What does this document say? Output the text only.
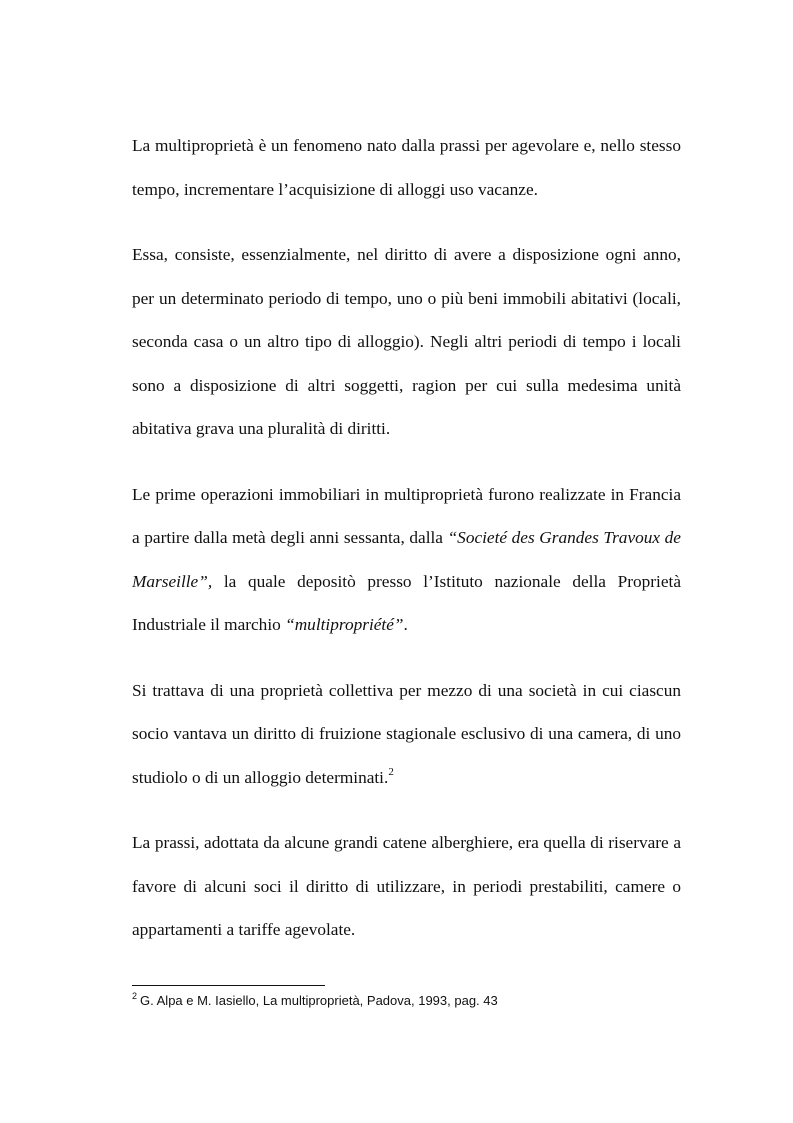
La multiproprietà è un fenomeno nato dalla prassi per agevolare e, nello stesso tempo, incrementare l’acquisizione di alloggi uso vacanze.

Essa, consiste, essenzialmente, nel diritto di avere a disposizione ogni anno, per un determinato periodo di tempo, uno o più beni immobili abitativi (locali, seconda casa o un altro tipo di alloggio). Negli altri periodi di tempo i locali sono a disposizione di altri soggetti, ragion per cui sulla medesima unità abitativa grava una pluralità di diritti.

Le prime operazioni immobiliari in multiproprietà furono realizzate in Francia a partire dalla metà degli anni sessanta, dalla “Societé des Grandes Travoux de Marseille”, la quale depositò presso l’Istituto nazionale della Proprietà Industriale il marchio “multipropriété”.

Si trattava di una proprietà collettiva per mezzo di una società in cui ciascun socio vantava un diritto di fruizione stagionale esclusivo di una camera, di uno studiolo o di un alloggio determinati.$^2$

La prassi, adottata da alcune grandi catene alberghiere, era quella di riservare a favore di alcuni soci il diritto di utilizzare, in periodi prestabiliti, camere o appartamenti a tariffe agevolate.

$^2$ G. Alpa e M. Iasiello, La multiproprietà, Padova, 1993, pag. 43
